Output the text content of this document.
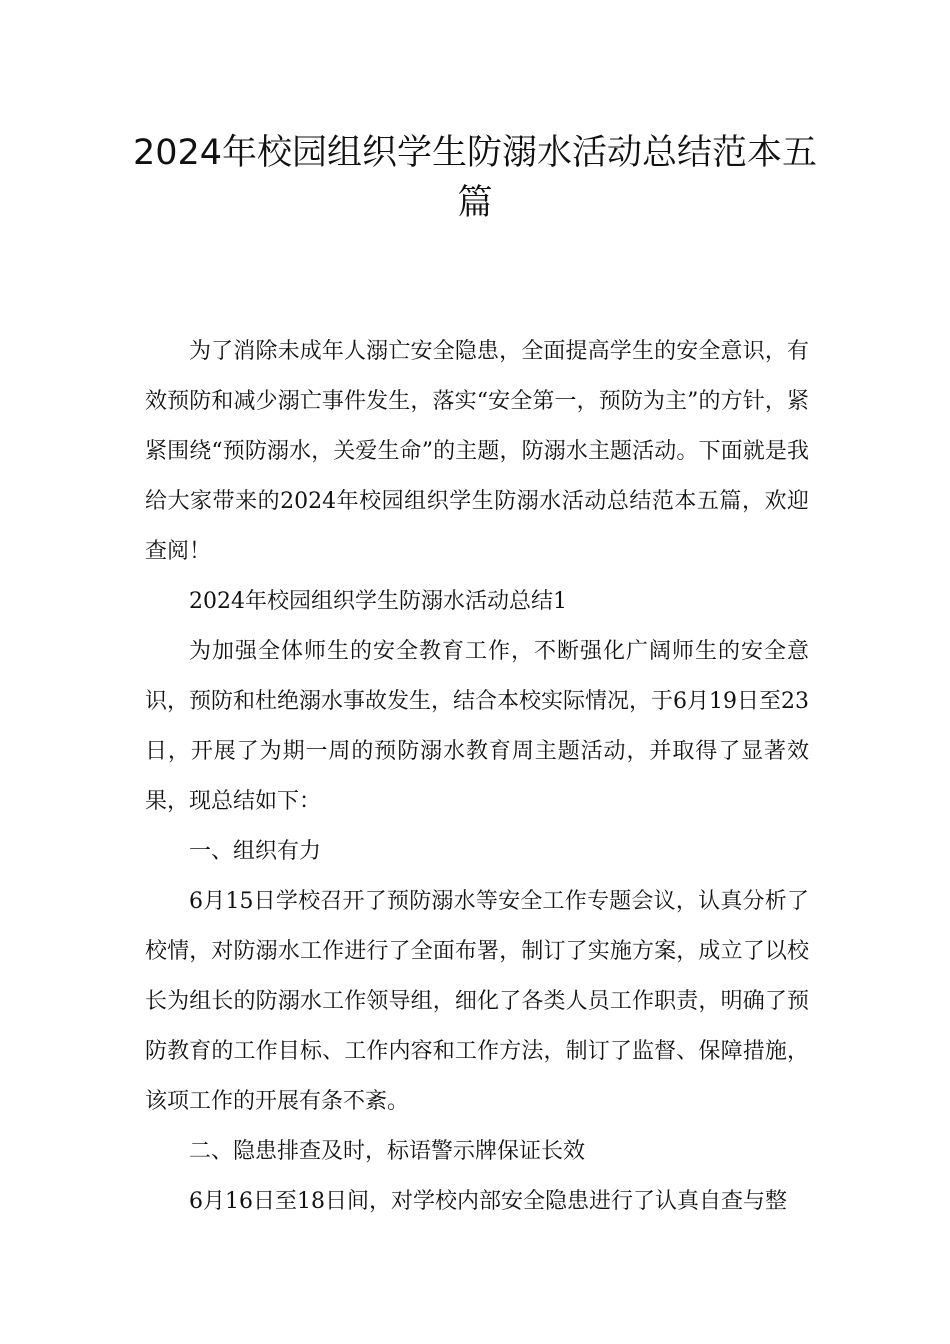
2024年校园组织学生防溺水活动总结范本五篇

为了消除未成年人溺亡安全隐患，全面提高学生的安全意识，有效预防和减少溺亡事件发生，落实“安全第一，预防为主”的方针，紧紧围绕“预防溺水，关爱生命”的主题，防溺水主题活动。下面就是我给大家带来的2024年校园组织学生防溺水活动总结范本五篇，欢迎查阅！

2024年校园组织学生防溺水活动总结1

为加强全体师生的安全教育工作，不断强化广阔师生的安全意识，预防和杜绝溺水事故发生，结合本校实际情况，于6月19日至23日，开展了为期一周的预防溺水教育周主题活动，并取得了显著效果，现总结如下：

一、组织有力

6月15日学校召开了预防溺水等安全工作专题会议，认真分析了校情，对防溺水工作进行了全面布署，制订了实施方案，成立了以校长为组长的防溺水工作领导组，细化了各类人员工作职责，明确了预防教育的工作目标、工作内容和工作方法，制订了监督、保障措施，该项工作的开展有条不紊。

二、隐患排查及时，标语警示牌保证长效

6月16日至18日间，对学校内部安全隐患进行了认真自查与整
